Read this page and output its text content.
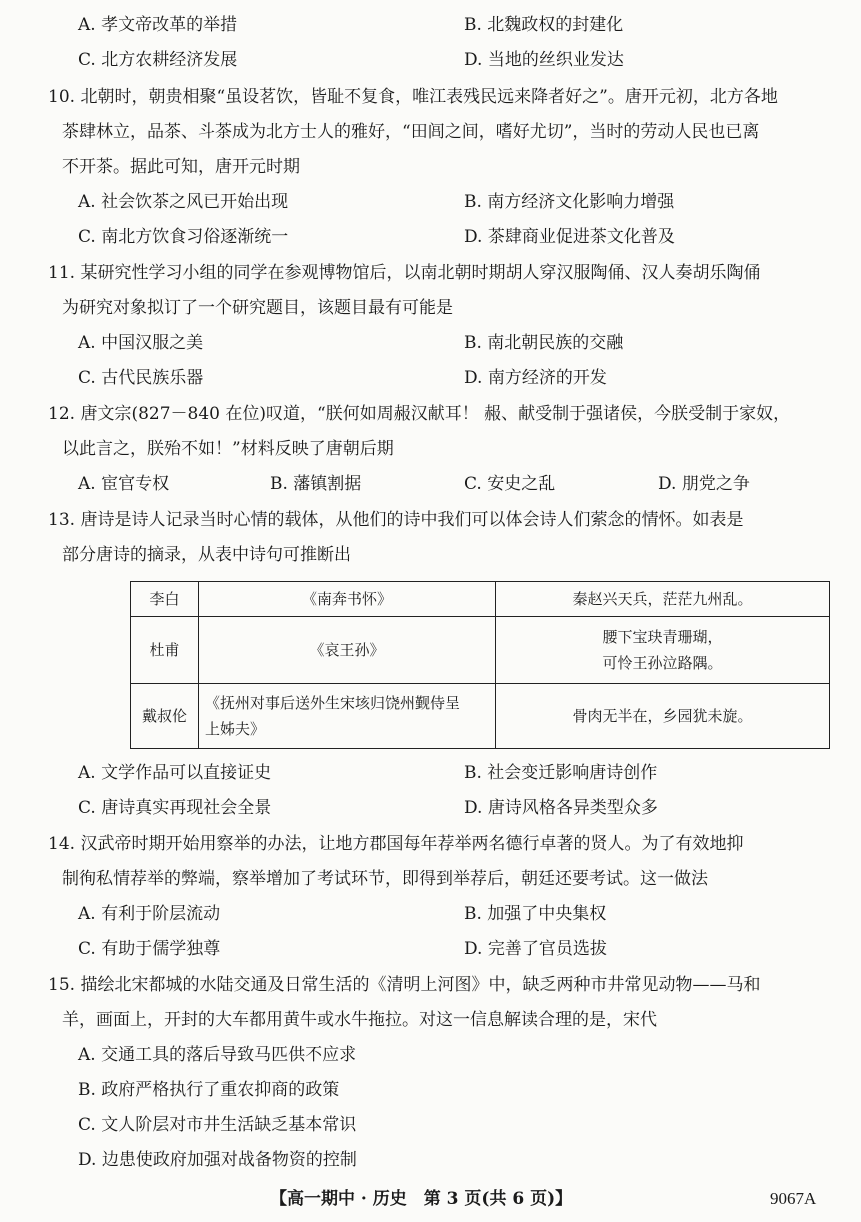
A. 孝文帝改革的举措	B. 北魏政权的封建化
C. 北方农耕经济发展	D. 当地的丝织业发达
10. 北朝时，朝贵相聚“虽设茗饮，皆耻不复食，唯江表残民远来降者好之”。唐开元初，北方各地
茶肆林立，品茶、斗茶成为北方士人的雅好，“田闾之间，嗜好尤切”，当时的劳动人民也已离
不开茶。据此可知，唐开元时期
A. 社会饮茶之风已开始出现	B. 南方经济文化影响力增强
C. 南北方饮食习俗逐渐统一	D. 茶肆商业促进茶文化普及
11. 某研究性学习小组的同学在参观博物馆后，以南北朝时期胡人穿汉服陶俑、汉人奏胡乐陶俑
为研究对象拟订了一个研究题目，该题目最有可能是
A. 中国汉服之美	B. 南北朝民族的交融
C. 古代民族乐器	D. 南方经济的开发
12. 唐文宗(827－840 在位)叹道，“朕何如周赧汉献耳！ 赧、献受制于强诸侯，今朕受制于家奴，
以此言之，朕殆不如！”材料反映了唐朝后期
A. 宦官专权	B. 藩镇割据	C. 安史之乱	D. 朋党之争
13. 唐诗是诗人记录当时心情的载体，从他们的诗中我们可以体会诗人们萦念的情怀。如表是
部分唐诗的摘录，从表中诗句可推断出
李白	《南奔书怀》	秦赵兴天兵，茫茫九州乱。
杜甫	《哀王孙》	腰下宝玦青珊瑚，
可怜王孙泣路隅。

戴叔伦	《抚州对事后送外生宋垓归饶州觐侍呈
上姊夫》	骨肉无半在，乡园犹未旋。
A. 文学作品可以直接证史	B. 社会变迁影响唐诗创作
C. 唐诗真实再现社会全景	D. 唐诗风格各异类型众多
14. 汉武帝时期开始用察举的办法，让地方郡国每年荐举两名德行卓著的贤人。为了有效地抑
制徇私情荐举的弊端，察举增加了考试环节，即得到举荐后，朝廷还要考试。这一做法
A. 有利于阶层流动	B. 加强了中央集权
C. 有助于儒学独尊	D. 完善了官员选拔
15. 描绘北宋都城的水陆交通及日常生活的《清明上河图》中，缺乏两种市井常见动物——马和
羊，画面上，开封的大车都用黄牛或水牛拖拉。对这一信息解读合理的是，宋代
A. 交通工具的落后导致马匹供不应求
B. 政府严格执行了重农抑商的政策
C. 文人阶层对市井生活缺乏基本常识
D. 边患使政府加强对战备物资的控制
【高一期中 · 历史　第 3 页(共 6 页)】	9067A
